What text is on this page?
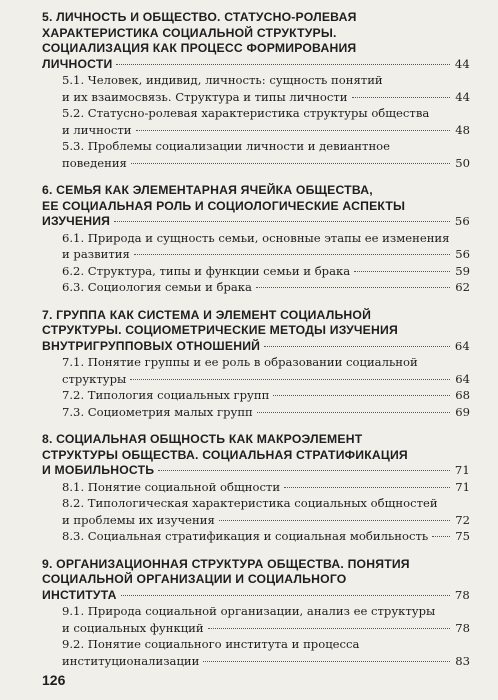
5. ЛИЧНОСТЬ И ОБЩЕСТВО. СТАТУСНО-РОЛЕВАЯ
ХАРАКТЕРИСТИКА СОЦИАЛЬНОЙ СТРУКТУРЫ.
СОЦИАЛИЗАЦИЯ КАК ПРОЦЕСС ФОРМИРОВАНИЯ
ЛИЧНОСТИ	44
5.1. Человек, индивид, личность: сущность понятий
и их взаимосвязь. Структура и типы личности	44
5.2. Статусно-ролевая характеристика структуры общества
и личности	48
5.3. Проблемы социализации личности и девиантное
поведения	50
6. СЕМЬЯ КАК ЭЛЕМЕНТАРНАЯ ЯЧЕЙКА ОБЩЕСТВА,
ЕЕ СОЦИАЛЬНАЯ РОЛЬ И СОЦИОЛОГИЧЕСКИЕ АСПЕКТЫ
ИЗУЧЕНИЯ	56
6.1. Природа и сущность семьи, основные этапы ее изменения
и развития	56
6.2. Структура, типы и функции семьи и брака	59
6.3. Социология семьи и брака	62
7. ГРУППА КАК СИСТЕМА И ЭЛЕМЕНТ СОЦИАЛЬНОЙ
СТРУКТУРЫ. СОЦИОМЕТРИЧЕСКИЕ МЕТОДЫ ИЗУЧЕНИЯ
ВНУТРИГРУППОВЫХ ОТНОШЕНИЙ	64
7.1. Понятие группы и ее роль в образовании социальной
структуры	64
7.2. Типология социальных групп	68
7.3. Социометрия малых групп	69
8. СОЦИАЛЬНАЯ ОБЩНОСТЬ КАК МАКРОЭЛЕМЕНТ
СТРУКТУРЫ ОБЩЕСТВА. СОЦИАЛЬНАЯ СТРАТИФИКАЦИЯ
И МОБИЛЬНОСТЬ	71
8.1. Понятие социальной общности	71
8.2. Типологическая характеристика социальных общностей
и проблемы их изучения	72
8.3. Социальная стратификация и социальная мобильность 75
9. ОРГАНИЗАЦИОННАЯ СТРУКТУРА ОБЩЕСТВА. ПОНЯТИЯ
СОЦИАЛЬНОЙ ОРГАНИЗАЦИИ И СОЦИАЛЬНОГО
ИНСТИТУТА	78
9.1. Природа социальной организации, анализ ее структуры
и социальных функций	78
9.2. Понятие социального института и процесса
институционализации	83
126
